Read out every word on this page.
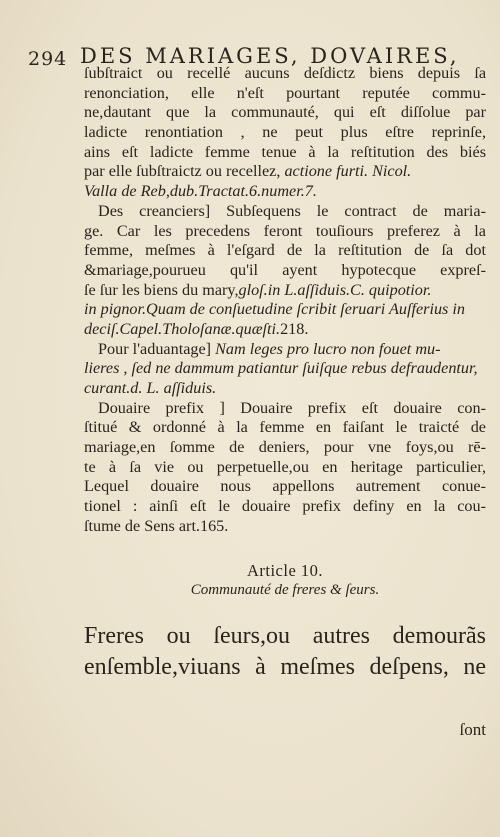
294 DES MARIAGES, DOVAIRES,
ſubſtraict ou recellé aucuns deſdictz biens depuis ſa
renonciation, elle n'eſt pourtant reputée commu-
ne,dautant que la communauté, qui eſt diſſolue par
ladicte renontiation , ne peut plus eſtre reprinſe,
ains eſt ladicte femme tenue à la reſtitution des biés
par elle ſubſtraictz ou recellez, actione furti. Nicol.
Valla de Reb,dub.Tractat.6.numer.7.
Des creanciers] Subſequens le contract de maria-
ge. Car les precedens feront touſiours preferez à la
femme, meſmes à l'eſgard de la reſtitution de ſa dot
&mariage,pourueu qu'il ayent hypotecque expreſ-
ſe ſur les biens du mary,gloſ.in L.aſſiduis.C. quipotior.
in pignor.Quam de conſuetudine ſcribit ſeruari Auſferius in
deciſ.Capel.Tholoſanæ.quæſti.218.
Pour l'aduantage] Nam leges pro lucro non fouet mu-
lieres , ſed ne dammum patiantur ſuiſque rebus defraudentur,
curant.d. L. aſſiduis.
Douaire prefix ] Douaire prefix eſt douaire con-
ſtitué & ordonné à la femme en faiſant le traicté de
mariage,en ſomme de deniers, pour vne foys,ou rē-
te à ſa vie ou perpetuelle,ou en heritage particulier,
Lequel douaire nous appellons autrement conue-
tionel : ainſi eſt le douaire prefix definy en la cou-
ſtume de Sens art.165.
Article 10.
Communauté de freres & ſeurs.
Freres ou ſeurs,ou autres demourãs
enſemble,viuans à meſmes deſpens, ne
ſont
